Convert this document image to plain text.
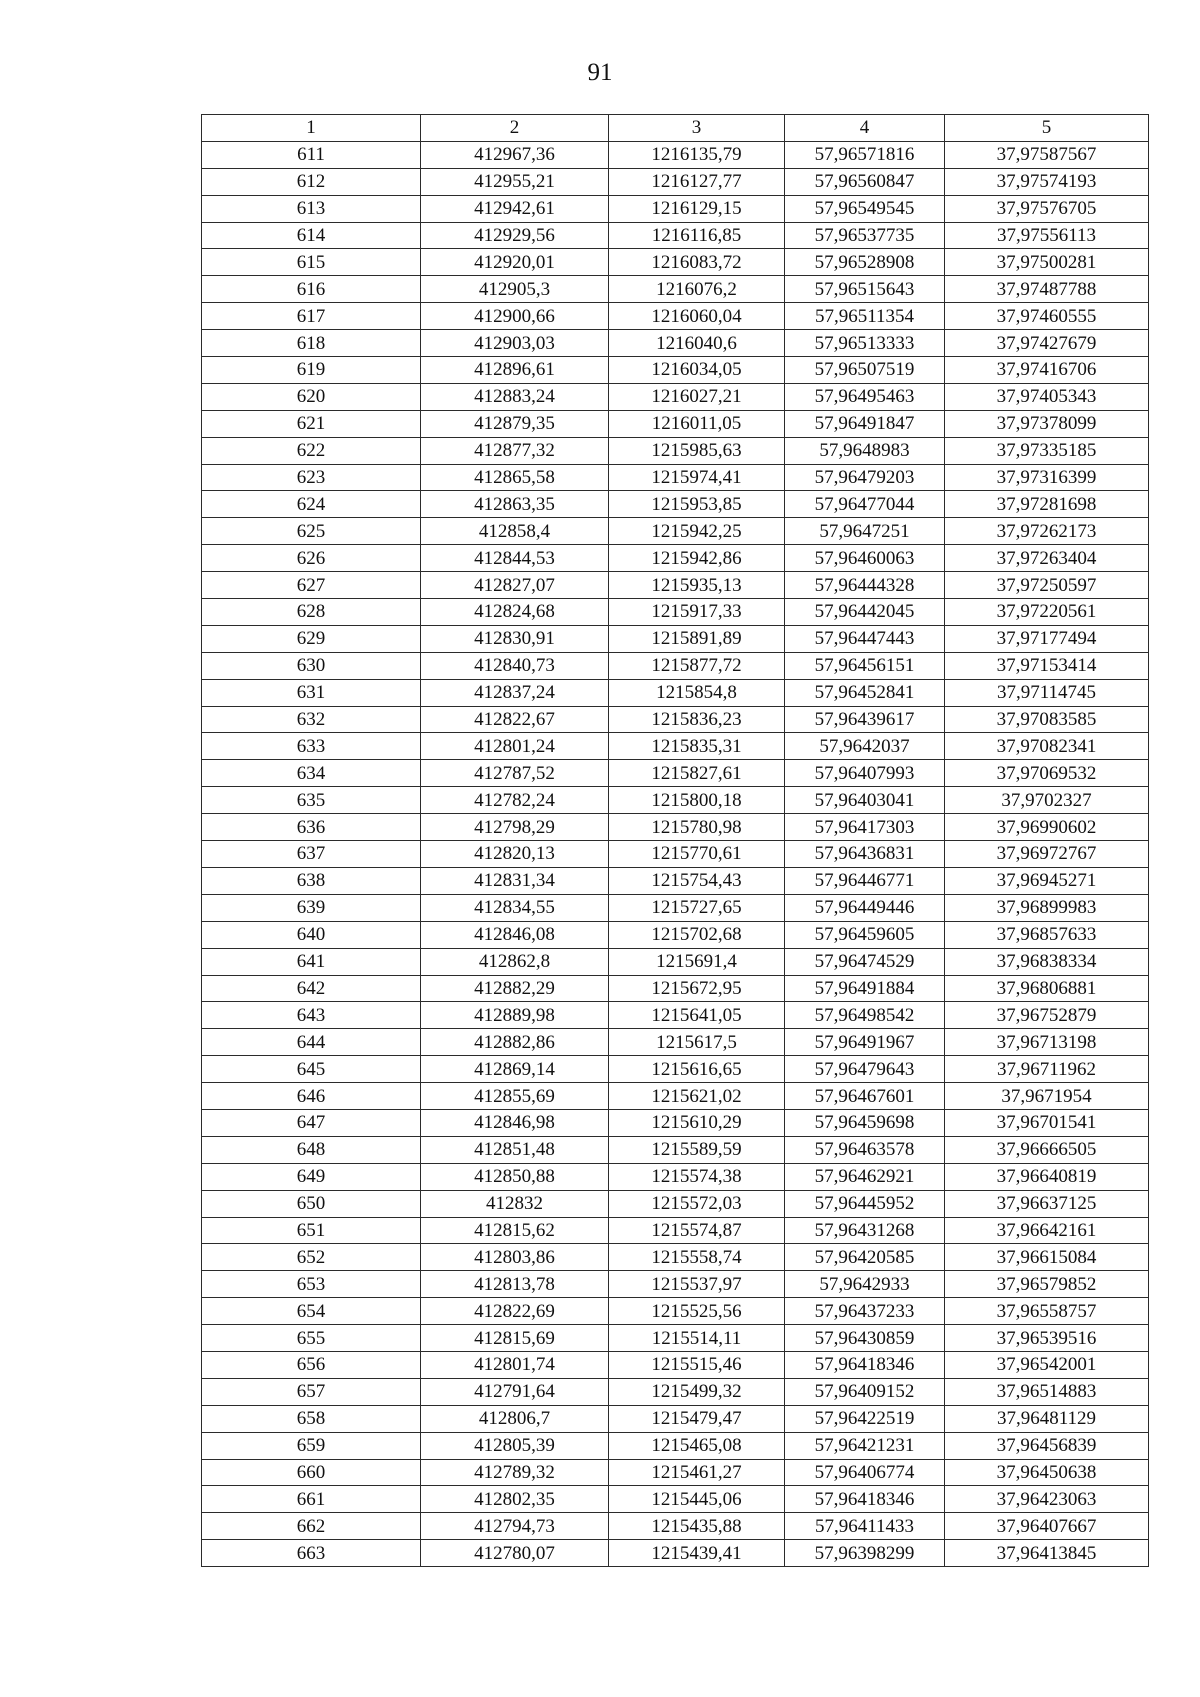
91
1	2	3	4	5
611	412967,36	1216135,79	57,96571816	37,97587567
612	412955,21	1216127,77	57,96560847	37,97574193
613	412942,61	1216129,15	57,96549545	37,97576705
614	412929,56	1216116,85	57,96537735	37,97556113
615	412920,01	1216083,72	57,96528908	37,97500281
616	412905,3	1216076,2	57,96515643	37,97487788
617	412900,66	1216060,04	57,96511354	37,97460555
618	412903,03	1216040,6	57,96513333	37,97427679
619	412896,61	1216034,05	57,96507519	37,97416706
620	412883,24	1216027,21	57,96495463	37,97405343
621	412879,35	1216011,05	57,96491847	37,97378099
622	412877,32	1215985,63	57,9648983	37,97335185
623	412865,58	1215974,41	57,96479203	37,97316399
624	412863,35	1215953,85	57,96477044	37,97281698
625	412858,4	1215942,25	57,9647251	37,97262173
626	412844,53	1215942,86	57,96460063	37,97263404
627	412827,07	1215935,13	57,96444328	37,97250597
628	412824,68	1215917,33	57,96442045	37,97220561
629	412830,91	1215891,89	57,96447443	37,97177494
630	412840,73	1215877,72	57,96456151	37,97153414
631	412837,24	1215854,8	57,96452841	37,97114745
632	412822,67	1215836,23	57,96439617	37,97083585
633	412801,24	1215835,31	57,9642037	37,97082341
634	412787,52	1215827,61	57,96407993	37,97069532
635	412782,24	1215800,18	57,96403041	37,9702327
636	412798,29	1215780,98	57,96417303	37,96990602
637	412820,13	1215770,61	57,96436831	37,96972767
638	412831,34	1215754,43	57,96446771	37,96945271
639	412834,55	1215727,65	57,96449446	37,96899983
640	412846,08	1215702,68	57,96459605	37,96857633
641	412862,8	1215691,4	57,96474529	37,96838334
642	412882,29	1215672,95	57,96491884	37,96806881
643	412889,98	1215641,05	57,96498542	37,96752879
644	412882,86	1215617,5	57,96491967	37,96713198
645	412869,14	1215616,65	57,96479643	37,96711962
646	412855,69	1215621,02	57,96467601	37,9671954
647	412846,98	1215610,29	57,96459698	37,96701541
648	412851,48	1215589,59	57,96463578	37,96666505
649	412850,88	1215574,38	57,96462921	37,96640819
650	412832	1215572,03	57,96445952	37,96637125
651	412815,62	1215574,87	57,96431268	37,96642161
652	412803,86	1215558,74	57,96420585	37,96615084
653	412813,78	1215537,97	57,9642933	37,96579852
654	412822,69	1215525,56	57,96437233	37,96558757
655	412815,69	1215514,11	57,96430859	37,96539516
656	412801,74	1215515,46	57,96418346	37,96542001
657	412791,64	1215499,32	57,96409152	37,96514883
658	412806,7	1215479,47	57,96422519	37,96481129
659	412805,39	1215465,08	57,96421231	37,96456839
660	412789,32	1215461,27	57,96406774	37,96450638
661	412802,35	1215445,06	57,96418346	37,96423063
662	412794,73	1215435,88	57,96411433	37,96407667
663	412780,07	1215439,41	57,96398299	37,96413845
